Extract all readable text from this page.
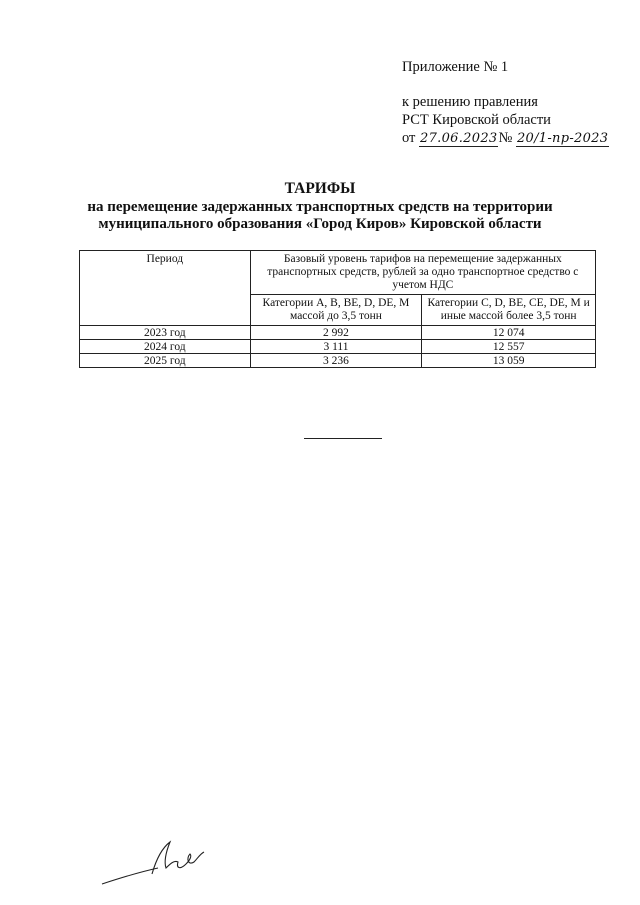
Приложение № 1
к решению правления
РСТ Кировской области
от 27.06.2023№ 20/1-пр-2023
ТАРИФЫ
на перемещение задержанных транспортных средств на территории
муниципального образования «Город Киров» Кировской области
Период	Базовый уровень тарифов на перемещение задержанных транспортных средств, рублей за одно транспортное средство с учетом НДС	
	Категории A, B, BE, D, DE, M массой до 3,5 тонн	Категории C, D, BE, CE, DE, M и иные массой более 3,5 тонн
2023 год	2 992	12 074
2024 год	3 111	12 557
2025 год	3 236	13 059
